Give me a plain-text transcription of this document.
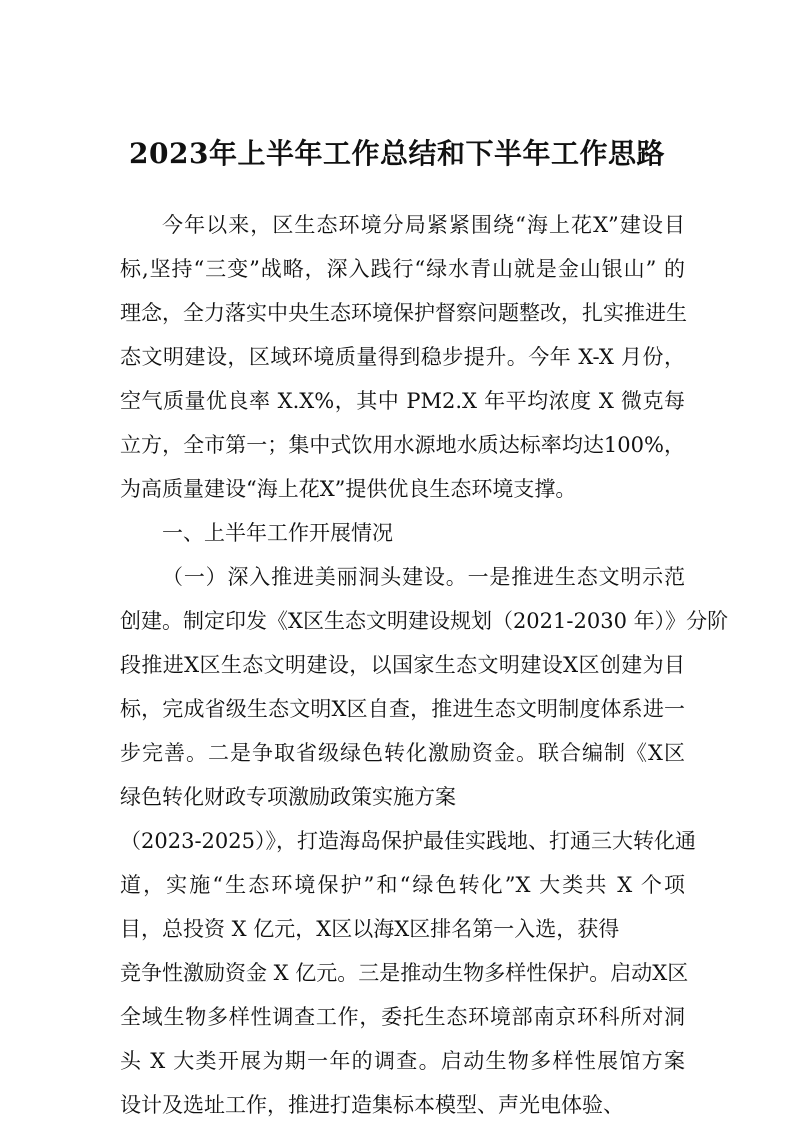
2023年上半年工作总结和下半年工作思路
今年以来，区生态环境分局紧紧围绕“海上花X”建设目
标,坚持“三变”战略，深入践行“绿水青山就是金山银山” 的
理念，全力落实中央生态环境保护督察问题整改，扎实推进生
态文明建设，区域环境质量得到稳步提升。今年 X-X 月份，
空气质量优良率 X.X%，其中 PM2.X 年平均浓度 X 微克每
立方，全市第一；集中式饮用水源地水质达标率均达100%，
为高质量建设“海上花X”提供优良生态环境支撑。
一、上半年工作开展情况
（一）深入推进美丽洞头建设。一是推进生态文明示范
创建。制定印发《X区生态文明建设规划（2021-2030 年）》分阶
段推进X区生态文明建设，以国家生态文明建设X区创建为目
标，完成省级生态文明X区自查，推进生态文明制度体系进一
步完善。二是争取省级绿色转化激励资金。联合编制《X区
绿色转化财政专项激励政策实施方案
（2023-2025）》，打造海岛保护最佳实践地、打通三大转化通
道，实施“生态环境保护”和“绿色转化”X 大类共 X 个项
目，总投资 X 亿元，X区以海X区排名第一入选，获得
竞争性激励资金 X 亿元。三是推动生物多样性保护。启动X区
全域生物多样性调查工作，委托生态环境部南京环科所对洞
头 X 大类开展为期一年的调查。启动生物多样性展馆方案
设计及选址工作，推进打造集标本模型、声光电体验、
